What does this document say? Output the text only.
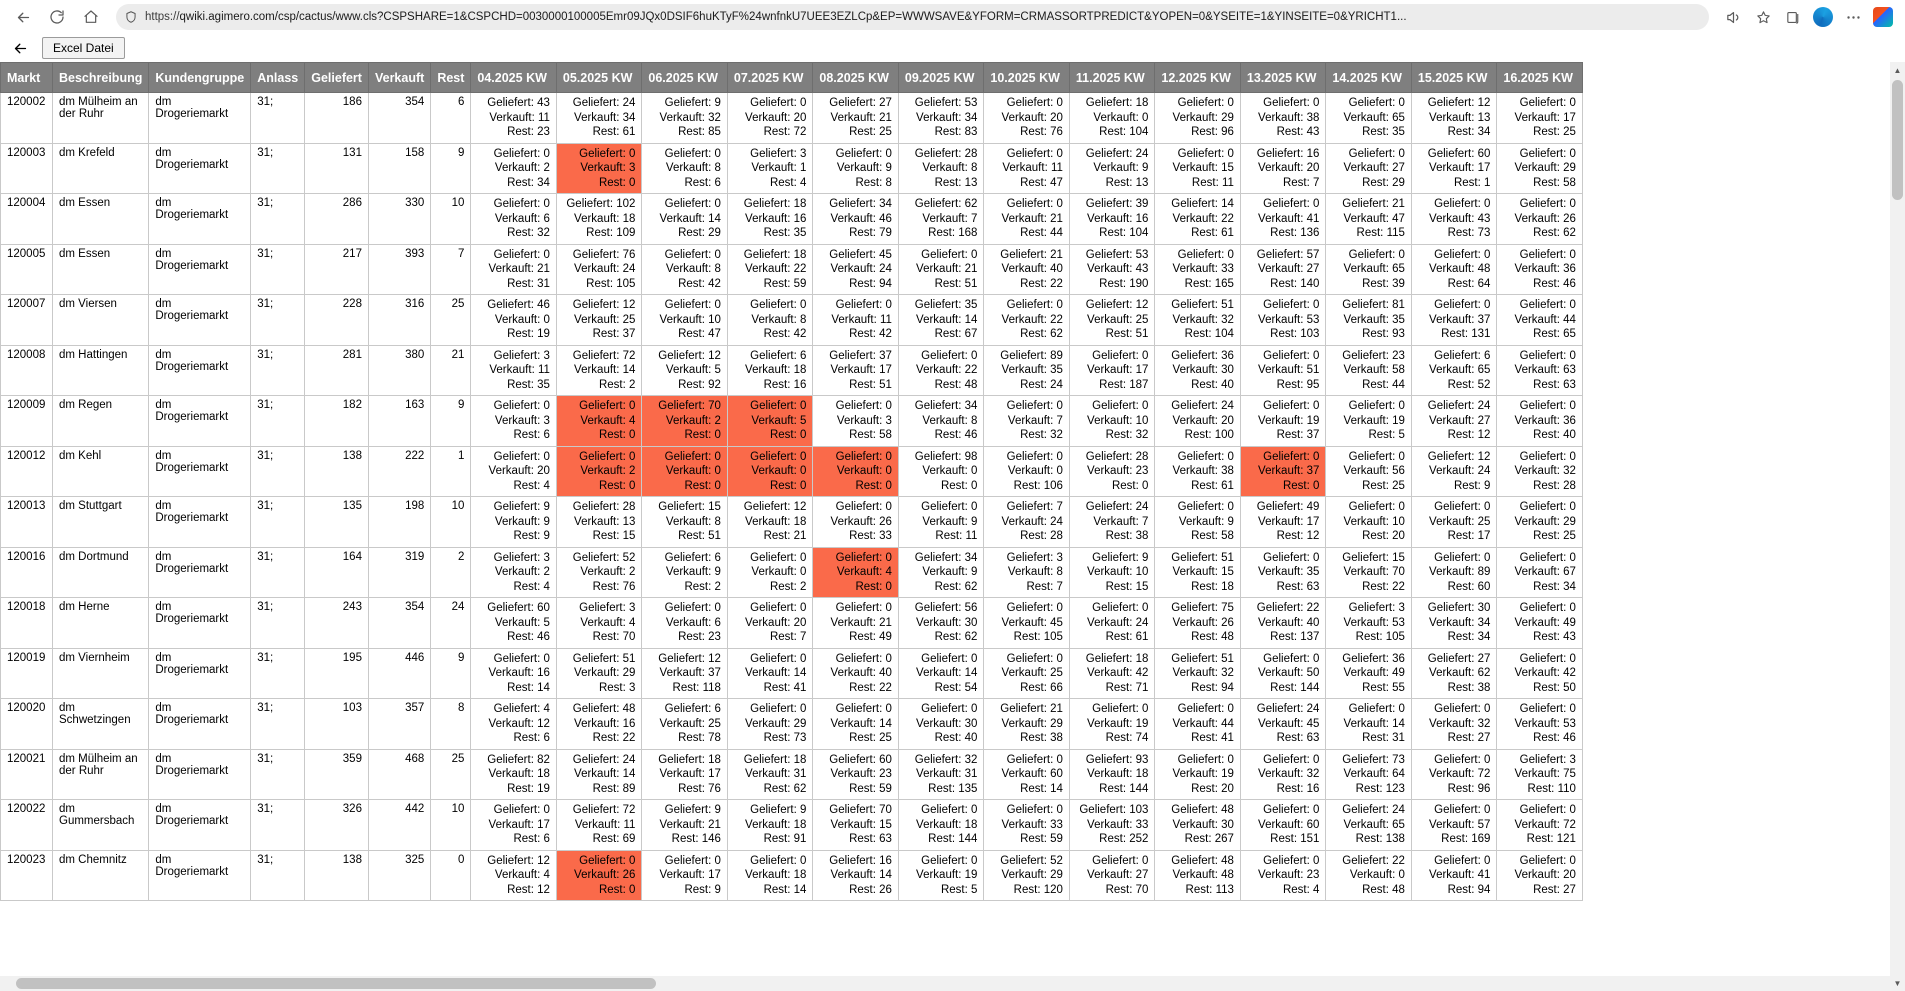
https://qwiki.agimero.com/csp/cactus/www.cls?CSPSHARE=1&CSPCHD=0030000100005Emr09JQx0DSIF6huKTyF%24wnfnkU7UEE3EZLCp&EP=WWWSAVE&YFORM=CRMASSORTPREDICT&YOPEN=0&YSEITE=1&YINSEITE=0&YRICHT1...
Excel Datei
Markt	Beschreibung	Kundengruppe	Anlass	Geliefert	Verkauft	Rest	04.2025 KW	05.2025 KW	06.2025 KW	07.2025 KW	08.2025 KW	09.2025 KW	10.2025 KW	11.2025 KW	12.2025 KW	13.2025 KW	14.2025 KW	15.2025 KW	16.2025 KW
120002	dm Mülheim an der Ruhr	dm Drogeriemarkt	31;	186	354	6	Geliefert: 43
Verkauft: 11
Rest: 23

Geliefert: 24
Verkauft: 34
Rest: 61

Geliefert: 9
Verkauft: 32
Rest: 85

Geliefert: 0
Verkauft: 20
Rest: 72

Geliefert: 27
Verkauft: 21
Rest: 25

Geliefert: 53
Verkauft: 34
Rest: 83

Geliefert: 0
Verkauft: 20
Rest: 76

Geliefert: 18
Verkauft: 0
Rest: 104

Geliefert: 0
Verkauft: 29
Rest: 96

Geliefert: 0
Verkauft: 38
Rest: 43

Geliefert: 0
Verkauft: 65
Rest: 35

Geliefert: 12
Verkauft: 13
Rest: 34

Geliefert: 0
Verkauft: 17
Rest: 25

120003	dm Krefeld	dm Drogeriemarkt	31;	131	158	9	Geliefert: 0
Verkauft: 2
Rest: 34

Geliefert: 0
Verkauft: 3
Rest: 0

Geliefert: 0
Verkauft: 8
Rest: 6

Geliefert: 3
Verkauft: 1
Rest: 4

Geliefert: 0
Verkauft: 9
Rest: 8

Geliefert: 28
Verkauft: 8
Rest: 13

Geliefert: 0
Verkauft: 11
Rest: 47

Geliefert: 24
Verkauft: 9
Rest: 13

Geliefert: 0
Verkauft: 15
Rest: 11

Geliefert: 16
Verkauft: 20
Rest: 7

Geliefert: 0
Verkauft: 27
Rest: 29

Geliefert: 60
Verkauft: 17
Rest: 1

Geliefert: 0
Verkauft: 29
Rest: 58

120004	dm Essen	dm Drogeriemarkt	31;	286	330	10	Geliefert: 0
Verkauft: 6
Rest: 32

Geliefert: 102
Verkauft: 18
Rest: 109

Geliefert: 0
Verkauft: 14
Rest: 29

Geliefert: 18
Verkauft: 16
Rest: 35

Geliefert: 34
Verkauft: 46
Rest: 79

Geliefert: 62
Verkauft: 7
Rest: 168

Geliefert: 0
Verkauft: 21
Rest: 44

Geliefert: 39
Verkauft: 16
Rest: 104

Geliefert: 14
Verkauft: 22
Rest: 61

Geliefert: 0
Verkauft: 41
Rest: 136

Geliefert: 21
Verkauft: 47
Rest: 115

Geliefert: 0
Verkauft: 43
Rest: 73

Geliefert: 0
Verkauft: 26
Rest: 62

120005	dm Essen	dm Drogeriemarkt	31;	217	393	7	Geliefert: 0
Verkauft: 21
Rest: 31

Geliefert: 76
Verkauft: 24
Rest: 105

Geliefert: 0
Verkauft: 8
Rest: 42

Geliefert: 18
Verkauft: 22
Rest: 59

Geliefert: 45
Verkauft: 24
Rest: 94

Geliefert: 0
Verkauft: 21
Rest: 51

Geliefert: 21
Verkauft: 40
Rest: 22

Geliefert: 53
Verkauft: 43
Rest: 190

Geliefert: 0
Verkauft: 33
Rest: 165

Geliefert: 57
Verkauft: 27
Rest: 140

Geliefert: 0
Verkauft: 65
Rest: 39

Geliefert: 0
Verkauft: 48
Rest: 64

Geliefert: 0
Verkauft: 36
Rest: 46

120007	dm Viersen	dm Drogeriemarkt	31;	228	316	25	Geliefert: 46
Verkauft: 0
Rest: 19

Geliefert: 12
Verkauft: 25
Rest: 37

Geliefert: 0
Verkauft: 10
Rest: 47

Geliefert: 0
Verkauft: 8
Rest: 42

Geliefert: 0
Verkauft: 11
Rest: 42

Geliefert: 35
Verkauft: 14
Rest: 67

Geliefert: 0
Verkauft: 22
Rest: 62

Geliefert: 12
Verkauft: 25
Rest: 51

Geliefert: 51
Verkauft: 32
Rest: 104

Geliefert: 0
Verkauft: 53
Rest: 103

Geliefert: 81
Verkauft: 35
Rest: 93

Geliefert: 0
Verkauft: 37
Rest: 131

Geliefert: 0
Verkauft: 44
Rest: 65

120008	dm Hattingen	dm Drogeriemarkt	31;	281	380	21	Geliefert: 3
Verkauft: 11
Rest: 35

Geliefert: 72
Verkauft: 14
Rest: 2

Geliefert: 12
Verkauft: 5
Rest: 92

Geliefert: 6
Verkauft: 18
Rest: 16

Geliefert: 37
Verkauft: 17
Rest: 51

Geliefert: 0
Verkauft: 22
Rest: 48

Geliefert: 89
Verkauft: 35
Rest: 24

Geliefert: 0
Verkauft: 17
Rest: 187

Geliefert: 36
Verkauft: 30
Rest: 40

Geliefert: 0
Verkauft: 51
Rest: 95

Geliefert: 23
Verkauft: 58
Rest: 44

Geliefert: 6
Verkauft: 65
Rest: 52

Geliefert: 0
Verkauft: 63
Rest: 63

120009	dm Regen	dm Drogeriemarkt	31;	182	163	9	Geliefert: 0
Verkauft: 3
Rest: 6

Geliefert: 0
Verkauft: 4
Rest: 0

Geliefert: 70
Verkauft: 2
Rest: 0

Geliefert: 0
Verkauft: 5
Rest: 0

Geliefert: 0
Verkauft: 3
Rest: 58

Geliefert: 34
Verkauft: 8
Rest: 46

Geliefert: 0
Verkauft: 7
Rest: 32

Geliefert: 0
Verkauft: 10
Rest: 32

Geliefert: 24
Verkauft: 20
Rest: 100

Geliefert: 0
Verkauft: 19
Rest: 37

Geliefert: 0
Verkauft: 19
Rest: 5

Geliefert: 24
Verkauft: 27
Rest: 12

Geliefert: 0
Verkauft: 36
Rest: 40

120012	dm Kehl	dm Drogeriemarkt	31;	138	222	1	Geliefert: 0
Verkauft: 20
Rest: 4

Geliefert: 0
Verkauft: 2
Rest: 0

Geliefert: 0
Verkauft: 0
Rest: 0

Geliefert: 0
Verkauft: 0
Rest: 0

Geliefert: 0
Verkauft: 0
Rest: 0

Geliefert: 98
Verkauft: 0
Rest: 0

Geliefert: 0
Verkauft: 0
Rest: 106

Geliefert: 28
Verkauft: 23
Rest: 0

Geliefert: 0
Verkauft: 38
Rest: 61

Geliefert: 0
Verkauft: 37
Rest: 0

Geliefert: 0
Verkauft: 56
Rest: 25

Geliefert: 12
Verkauft: 24
Rest: 9

Geliefert: 0
Verkauft: 32
Rest: 28

120013	dm Stuttgart	dm Drogeriemarkt	31;	135	198	10	Geliefert: 9
Verkauft: 9
Rest: 9

Geliefert: 28
Verkauft: 13
Rest: 15

Geliefert: 15
Verkauft: 8
Rest: 51

Geliefert: 12
Verkauft: 18
Rest: 21

Geliefert: 0
Verkauft: 26
Rest: 33

Geliefert: 0
Verkauft: 9
Rest: 11

Geliefert: 7
Verkauft: 24
Rest: 28

Geliefert: 24
Verkauft: 7
Rest: 38

Geliefert: 0
Verkauft: 9
Rest: 58

Geliefert: 49
Verkauft: 17
Rest: 12

Geliefert: 0
Verkauft: 10
Rest: 20

Geliefert: 0
Verkauft: 25
Rest: 17

Geliefert: 0
Verkauft: 29
Rest: 25

120016	dm Dortmund	dm Drogeriemarkt	31;	164	319	2	Geliefert: 3
Verkauft: 2
Rest: 4

Geliefert: 52
Verkauft: 2
Rest: 76

Geliefert: 6
Verkauft: 9
Rest: 2

Geliefert: 0
Verkauft: 0
Rest: 2

Geliefert: 0
Verkauft: 4
Rest: 0

Geliefert: 34
Verkauft: 9
Rest: 62

Geliefert: 3
Verkauft: 8
Rest: 7

Geliefert: 9
Verkauft: 10
Rest: 15

Geliefert: 51
Verkauft: 15
Rest: 18

Geliefert: 0
Verkauft: 35
Rest: 63

Geliefert: 15
Verkauft: 70
Rest: 22

Geliefert: 0
Verkauft: 89
Rest: 60

Geliefert: 0
Verkauft: 67
Rest: 34

120018	dm Herne	dm Drogeriemarkt	31;	243	354	24	Geliefert: 60
Verkauft: 5
Rest: 46

Geliefert: 3
Verkauft: 4
Rest: 70

Geliefert: 0
Verkauft: 6
Rest: 23

Geliefert: 0
Verkauft: 20
Rest: 7

Geliefert: 0
Verkauft: 21
Rest: 49

Geliefert: 56
Verkauft: 30
Rest: 62

Geliefert: 0
Verkauft: 45
Rest: 105

Geliefert: 0
Verkauft: 24
Rest: 61

Geliefert: 75
Verkauft: 26
Rest: 48

Geliefert: 22
Verkauft: 40
Rest: 137

Geliefert: 3
Verkauft: 53
Rest: 105

Geliefert: 30
Verkauft: 34
Rest: 34

Geliefert: 0
Verkauft: 49
Rest: 43

120019	dm Viernheim	dm Drogeriemarkt	31;	195	446	9	Geliefert: 0
Verkauft: 16
Rest: 14

Geliefert: 51
Verkauft: 29
Rest: 3

Geliefert: 12
Verkauft: 37
Rest: 118

Geliefert: 0
Verkauft: 14
Rest: 41

Geliefert: 0
Verkauft: 40
Rest: 22

Geliefert: 0
Verkauft: 14
Rest: 54

Geliefert: 0
Verkauft: 25
Rest: 66

Geliefert: 18
Verkauft: 42
Rest: 71

Geliefert: 51
Verkauft: 32
Rest: 94

Geliefert: 0
Verkauft: 50
Rest: 144

Geliefert: 36
Verkauft: 49
Rest: 55

Geliefert: 27
Verkauft: 62
Rest: 38

Geliefert: 0
Verkauft: 42
Rest: 50

120020	dm Schwetzingen	dm Drogeriemarkt	31;	103	357	8	Geliefert: 4
Verkauft: 12
Rest: 6

Geliefert: 48
Verkauft: 16
Rest: 22

Geliefert: 6
Verkauft: 25
Rest: 78

Geliefert: 0
Verkauft: 29
Rest: 73

Geliefert: 0
Verkauft: 14
Rest: 25

Geliefert: 0
Verkauft: 30
Rest: 40

Geliefert: 21
Verkauft: 29
Rest: 38

Geliefert: 0
Verkauft: 19
Rest: 74

Geliefert: 0
Verkauft: 44
Rest: 41

Geliefert: 24
Verkauft: 45
Rest: 63

Geliefert: 0
Verkauft: 14
Rest: 31

Geliefert: 0
Verkauft: 32
Rest: 27

Geliefert: 0
Verkauft: 53
Rest: 46

120021	dm Mülheim an der Ruhr	dm Drogeriemarkt	31;	359	468	25	Geliefert: 82
Verkauft: 18
Rest: 19

Geliefert: 24
Verkauft: 14
Rest: 89

Geliefert: 18
Verkauft: 17
Rest: 76

Geliefert: 18
Verkauft: 31
Rest: 62

Geliefert: 60
Verkauft: 23
Rest: 59

Geliefert: 32
Verkauft: 31
Rest: 135

Geliefert: 0
Verkauft: 60
Rest: 14

Geliefert: 93
Verkauft: 18
Rest: 144

Geliefert: 0
Verkauft: 19
Rest: 20

Geliefert: 0
Verkauft: 32
Rest: 16

Geliefert: 73
Verkauft: 64
Rest: 123

Geliefert: 0
Verkauft: 72
Rest: 96

Geliefert: 3
Verkauft: 75
Rest: 110

120022	dm Gummersbach	dm Drogeriemarkt	31;	326	442	10	Geliefert: 0
Verkauft: 17
Rest: 6

Geliefert: 72
Verkauft: 11
Rest: 69

Geliefert: 9
Verkauft: 21
Rest: 146

Geliefert: 9
Verkauft: 18
Rest: 91

Geliefert: 70
Verkauft: 15
Rest: 63

Geliefert: 0
Verkauft: 18
Rest: 144

Geliefert: 0
Verkauft: 33
Rest: 59

Geliefert: 103
Verkauft: 33
Rest: 252

Geliefert: 48
Verkauft: 30
Rest: 267

Geliefert: 0
Verkauft: 60
Rest: 151

Geliefert: 24
Verkauft: 65
Rest: 138

Geliefert: 0
Verkauft: 57
Rest: 169

Geliefert: 0
Verkauft: 72
Rest: 121

120023	dm Chemnitz	dm Drogeriemarkt	31;	138	325	0	Geliefert: 12
Verkauft: 4
Rest: 12

Geliefert: 0
Verkauft: 26
Rest: 0

Geliefert: 0
Verkauft: 17
Rest: 9

Geliefert: 0
Verkauft: 18
Rest: 14

Geliefert: 16
Verkauft: 14
Rest: 26

Geliefert: 0
Verkauft: 19
Rest: 5

Geliefert: 52
Verkauft: 29
Rest: 120

Geliefert: 0
Verkauft: 27
Rest: 70

Geliefert: 48
Verkauft: 48
Rest: 113

Geliefert: 0
Verkauft: 23
Rest: 4

Geliefert: 22
Verkauft: 0
Rest: 48

Geliefert: 0
Verkauft: 41
Rest: 94

Geliefert: 0
Verkauft: 20
Rest: 27
▲
▼
